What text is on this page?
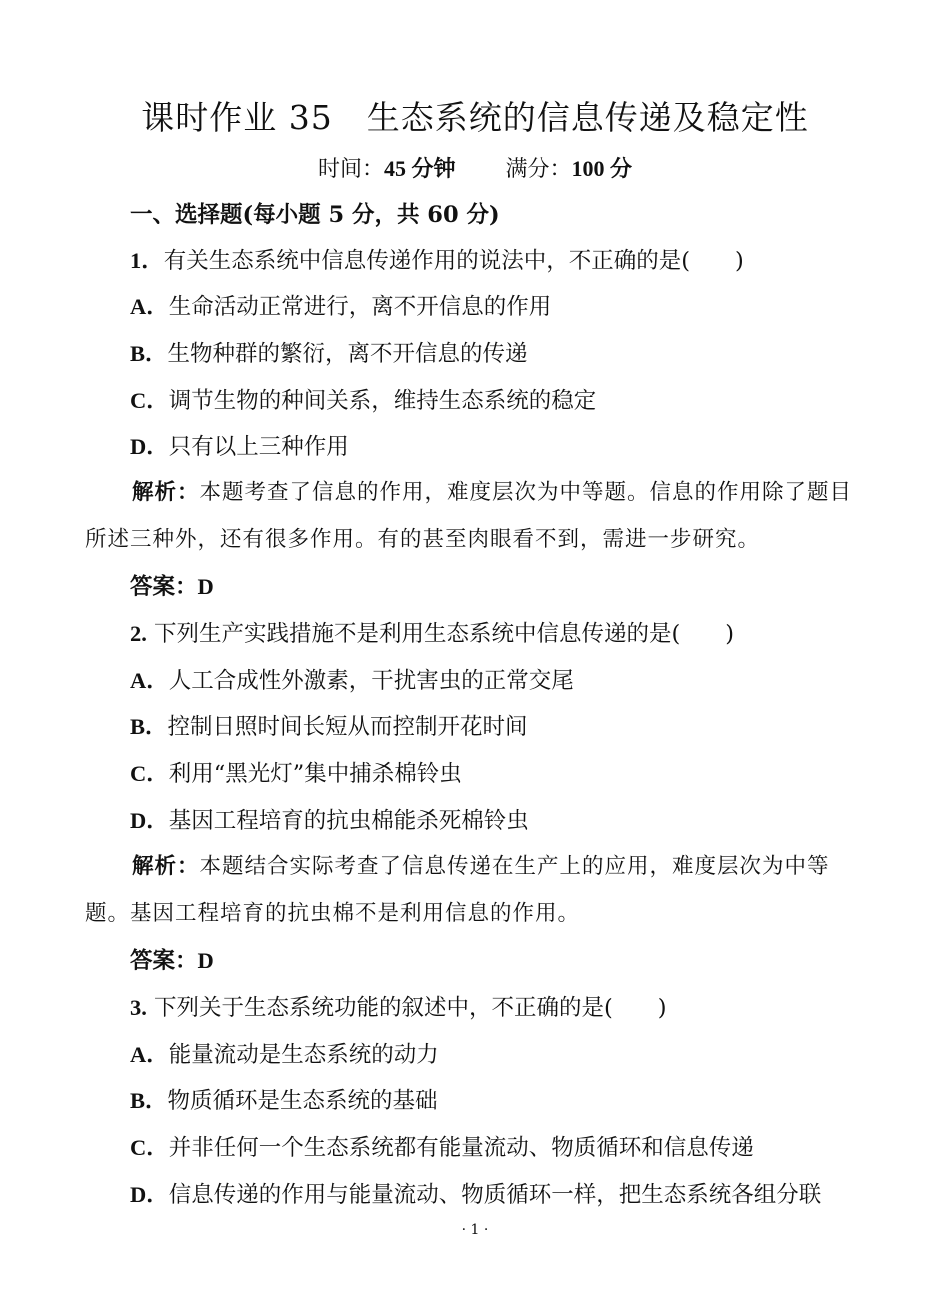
课时作业 35　生态系统的信息传递及稳定性
时间：45 分钟 满分：100 分
一、选择题(每小题 5 分，共 60 分)
1．有关生态系统中信息传递作用的说法中，不正确的是(　　)
A．生命活动正常进行，离不开信息的作用
B．生物种群的繁衍，离不开信息的传递
C．调节生物的种间关系，维持生态系统的稳定
D．只有以上三种作用
解析：本题考查了信息的作用，难度层次为中等题。信息的作用除了题目所述三种外，还有很多作用。有的甚至肉眼看不到，需进一步研究。
答案：D
2. 下列生产实践措施不是利用生态系统中信息传递的是(　　)
A．人工合成性外激素，干扰害虫的正常交尾
B．控制日照时间长短从而控制开花时间
C．利用“黑光灯”集中捕杀棉铃虫
D．基因工程培育的抗虫棉能杀死棉铃虫
解析：本题结合实际考查了信息传递在生产上的应用，难度层次为中等题。基因工程培育的抗虫棉不是利用信息的作用。
答案：D
3. 下列关于生态系统功能的叙述中，不正确的是(　　)
A．能量流动是生态系统的动力
B．物质循环是生态系统的基础
C．并非任何一个生态系统都有能量流动、物质循环和信息传递
D．信息传递的作用与能量流动、物质循环一样，把生态系统各组分联
· 1 ·
